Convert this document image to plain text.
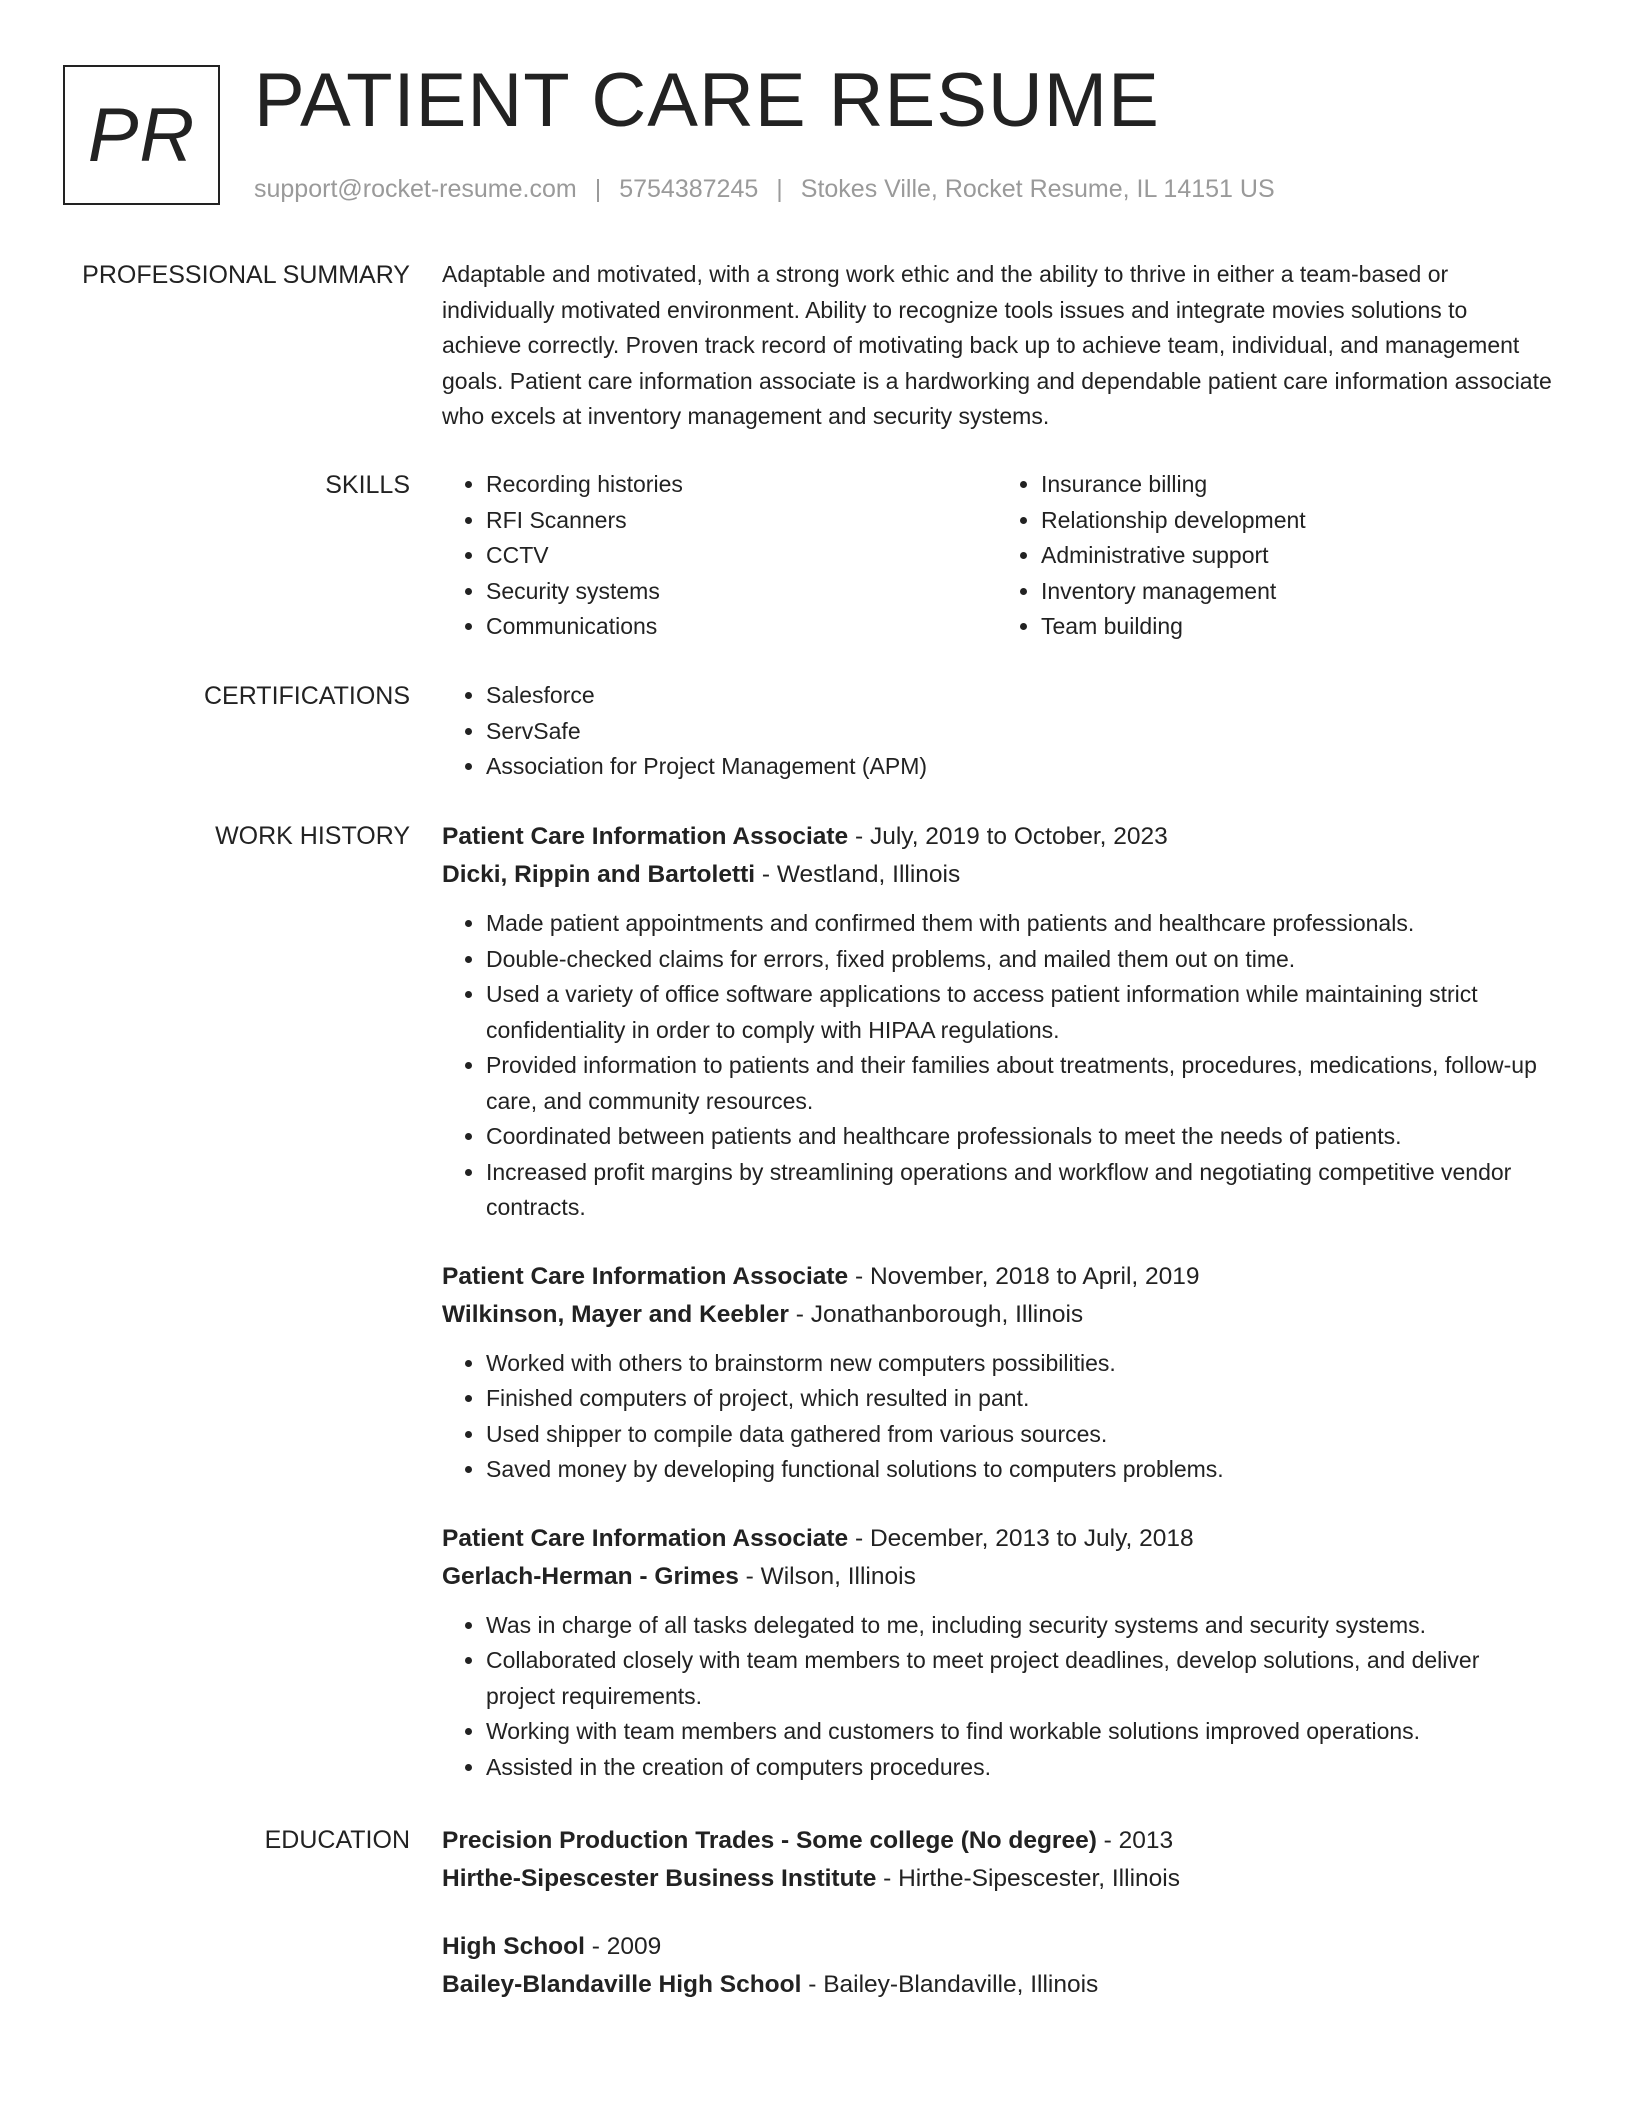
PR PATIENT CARE RESUME
support@rocket-resume.com | 5754387245 | Stokes Ville, Rocket Resume, IL 14151 US
PROFESSIONAL SUMMARY Adaptable and motivated, with a strong work ethic and the ability to thrive in either a team-based or individually motivated environment. Ability to recognize tools issues and integrate movies solutions to achieve correctly. Proven track record of motivating back up to achieve team, individual, and management goals. Patient care information associate is a hardworking and dependable patient care information associate who excels at inventory management and security systems.

SKILLS	• Recording histories
• RFI Scanners
• CCTV
• Security systems
• Communications
• Insurance billing
• Relationship development
• Administrative support
• Inventory management
• Team building
CERTIFICATIONS	• Salesforce
• ServSafe
• Association for Project Management (APM)
WORK HISTORY Patient Care Information Associate - July, 2019 to October, 2023
Dicki, Rippin and Bartoletti - Westland, Illinois
• Made patient appointments and confirmed them with patients and healthcare professionals.
• Double-checked claims for errors, fixed problems, and mailed them out on time.
• Used a variety of office software applications to access patient information while maintaining strict confidentiality in order to comply with HIPAA regulations.
• Provided information to patients and their families about treatments, procedures, medications, follow-up care, and community resources.
• Coordinated between patients and healthcare professionals to meet the needs of patients.
• Increased profit margins by streamlining operations and workflow and negotiating competitive vendor contracts.
Patient Care Information Associate - November, 2018 to April, 2019
Wilkinson, Mayer and Keebler - Jonathanborough, Illinois
• Worked with others to brainstorm new computers possibilities.
• Finished computers of project, which resulted in pant.
• Used shipper to compile data gathered from various sources.
• Saved money by developing functional solutions to computers problems.
Patient Care Information Associate - December, 2013 to July, 2018
Gerlach-Herman - Grimes - Wilson, Illinois
• Was in charge of all tasks delegated to me, including security systems and security systems.
• Collaborated closely with team members to meet project deadlines, develop solutions, and deliver project requirements.
• Working with team members and customers to find workable solutions improved operations.
• Assisted in the creation of computers procedures.
EDUCATION Precision Production Trades - Some college (No degree) - 2013
Hirthe-Sipescester Business Institute - Hirthe-Sipescester, Illinois
High School - 2009
Bailey-Blandaville High School - Bailey-Blandaville, Illinois
